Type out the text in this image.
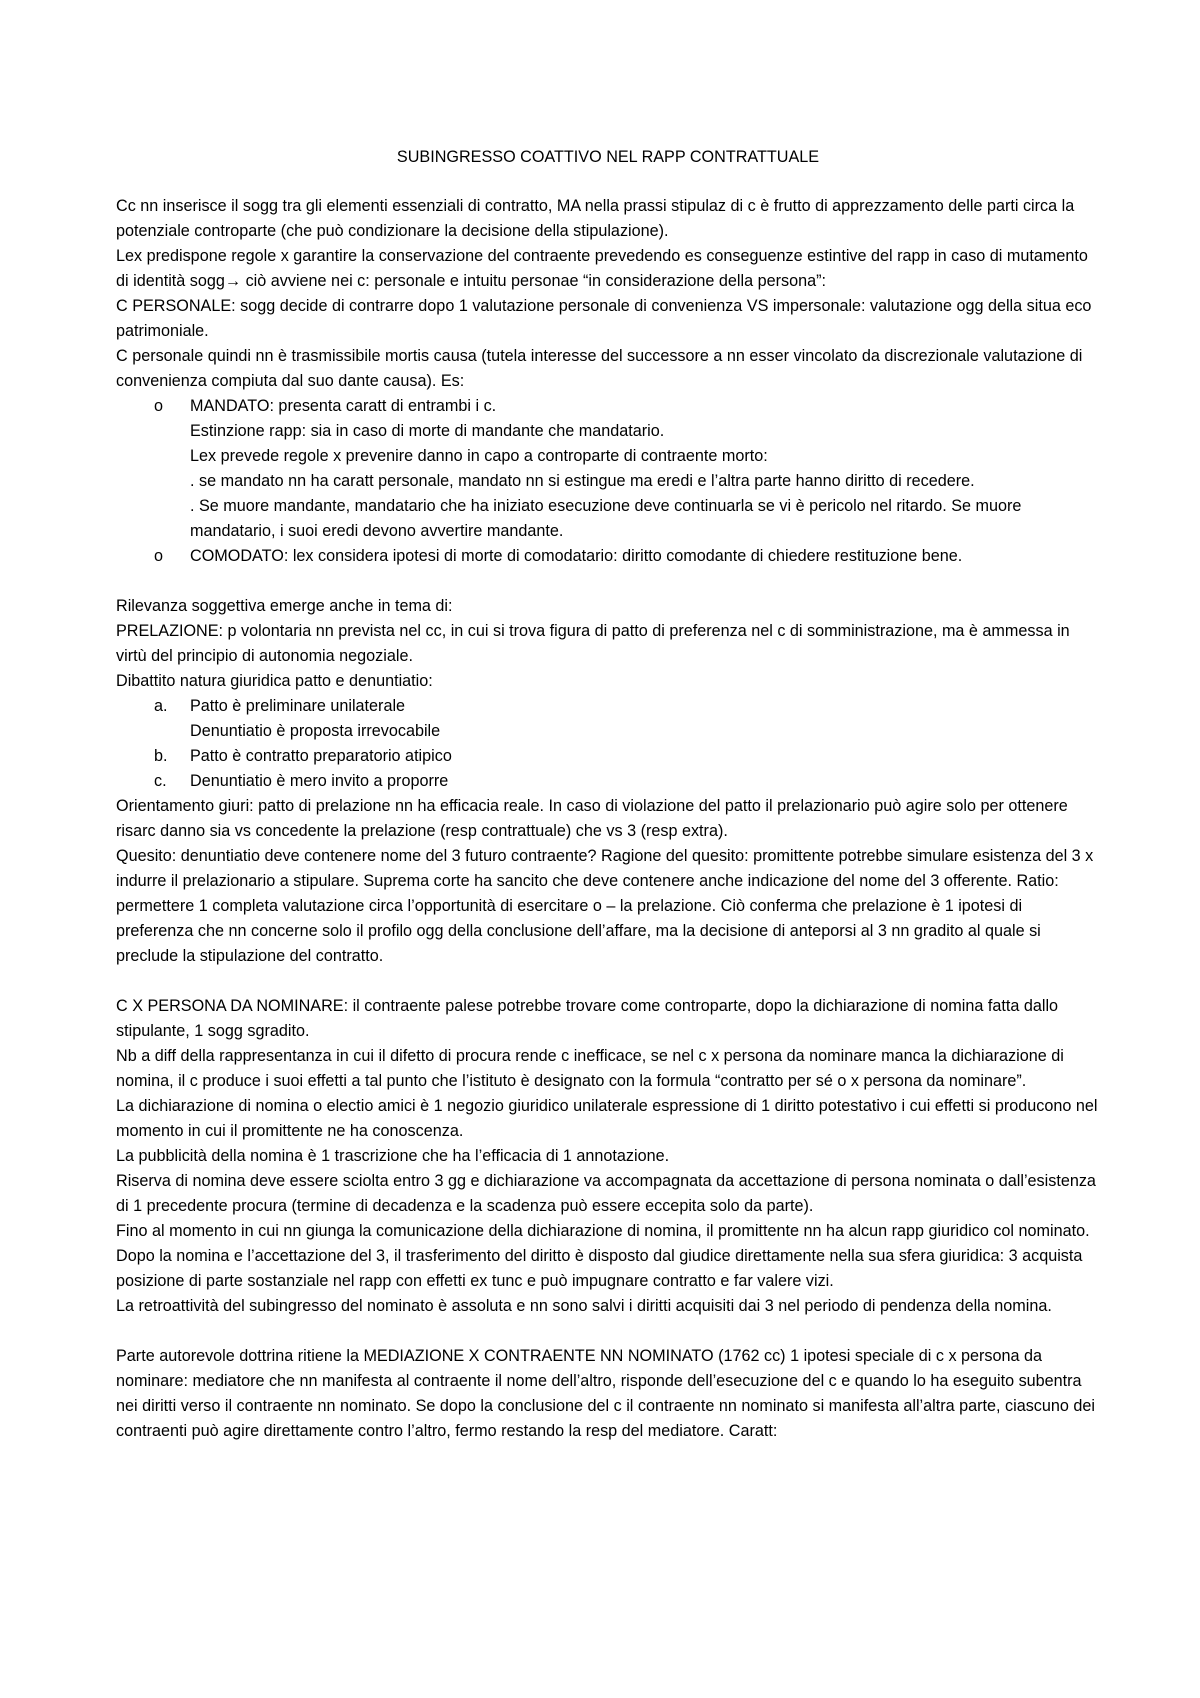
SUBINGRESSO COATTIVO NEL RAPP CONTRATTUALE

Cc nn inserisce il sogg tra gli elementi essenziali di contratto, MA nella prassi stipulaz di c è frutto di apprezzamento delle parti circa la potenziale controparte (che può condizionare la decisione della stipulazione).

Lex predispone regole x garantire la conservazione del contraente prevedendo es conseguenze estintive del rapp in caso di mutamento di identità sogg→ ciò avviene nei c: personale e intuitu personae “in considerazione della persona”:

C PERSONALE: sogg decide di contrarre dopo 1 valutazione personale di convenienza VS impersonale: valutazione ogg della situa eco patrimoniale.

C personale quindi nn è trasmissibile mortis causa (tutela interesse del successore a nn esser vincolato da discrezionale valutazione di convenienza compiuta dal suo dante causa). Es:

o MANDATO: presenta caratt di entrambi i c.

Estinzione rapp: sia in caso di morte di mandante che mandatario.

Lex prevede regole x prevenire danno in capo a controparte di contraente morto:

. se mandato nn ha caratt personale, mandato nn si estingue ma eredi e l’altra parte hanno diritto di recedere.

. Se muore mandante, mandatario che ha iniziato esecuzione deve continuarla se vi è pericolo nel ritardo. Se muore mandatario, i suoi eredi devono avvertire mandante.

o COMODATO: lex considera ipotesi di morte di comodatario: diritto comodante di chiedere restituzione bene.

Rilevanza soggettiva emerge anche in tema di:

PRELAZIONE: p volontaria nn prevista nel cc, in cui si trova figura di patto di preferenza nel c di somministrazione, ma è ammessa in virtù del principio di autonomia negoziale.

Dibattito natura giuridica patto e denuntiatio:

a. Patto è preliminare unilaterale

Denuntiatio è proposta irrevocabile

b. Patto è contratto preparatorio atipico

c. Denuntiatio è mero invito a proporre

Orientamento giuri: patto di prelazione nn ha efficacia reale. In caso di violazione del patto il prelazionario può agire solo per ottenere risarc danno sia vs concedente la prelazione (resp contrattuale) che vs 3 (resp extra).

Quesito: denuntiatio deve contenere nome del 3 futuro contraente? Ragione del quesito: promittente potrebbe simulare esistenza del 3 x indurre il prelazionario a stipulare. Suprema corte ha sancito che deve contenere anche indicazione del nome del 3 offerente. Ratio: permettere 1 completa valutazione circa l’opportunità di esercitare o – la prelazione. Ciò conferma che prelazione è 1 ipotesi di preferenza che nn concerne solo il profilo ogg della conclusione dell’affare, ma la decisione di anteporsi al 3 nn gradito al quale si preclude la stipulazione del contratto.

C X PERSONA DA NOMINARE: il contraente palese potrebbe trovare come controparte, dopo la dichiarazione di nomina fatta dallo stipulante, 1 sogg sgradito.

Nb a diff della rappresentanza in cui il difetto di procura rende c inefficace, se nel c x persona da nominare manca la dichiarazione di nomina, il c produce i suoi effetti a tal punto che l’istituto è designato con la formula “contratto per sé o x persona da nominare”.

La dichiarazione di nomina o electio amici è 1 negozio giuridico unilaterale espressione di 1 diritto potestativo i cui effetti si producono nel momento in cui il promittente ne ha conoscenza.

La pubblicità della nomina è 1 trascrizione che ha l’efficacia di 1 annotazione.

Riserva di nomina deve essere sciolta entro 3 gg e dichiarazione va accompagnata da accettazione di persona nominata o dall’esistenza di 1 precedente procura (termine di decadenza e la scadenza può essere eccepita solo da parte).

Fino al momento in cui nn giunga la comunicazione della dichiarazione di nomina, il promittente nn ha alcun rapp giuridico col nominato.

Dopo la nomina e l’accettazione del 3, il trasferimento del diritto è disposto dal giudice direttamente nella sua sfera giuridica: 3 acquista posizione di parte sostanziale nel rapp con effetti ex tunc e può impugnare contratto e far valere vizi.

La retroattività del subingresso del nominato è assoluta e nn sono salvi i diritti acquisiti dai 3 nel periodo di pendenza della nomina.

Parte autorevole dottrina ritiene la MEDIAZIONE X CONTRAENTE NN NOMINATO (1762 cc) 1 ipotesi speciale di c x persona da nominare: mediatore che nn manifesta al contraente il nome dell’altro, risponde dell’esecuzione del c e quando lo ha eseguito subentra nei diritti verso il contraente nn nominato. Se dopo la conclusione del c il contraente nn nominato si manifesta all’altra parte, ciascuno dei contraenti può agire direttamente contro l’altro, fermo restando la resp del mediatore. Caratt:
